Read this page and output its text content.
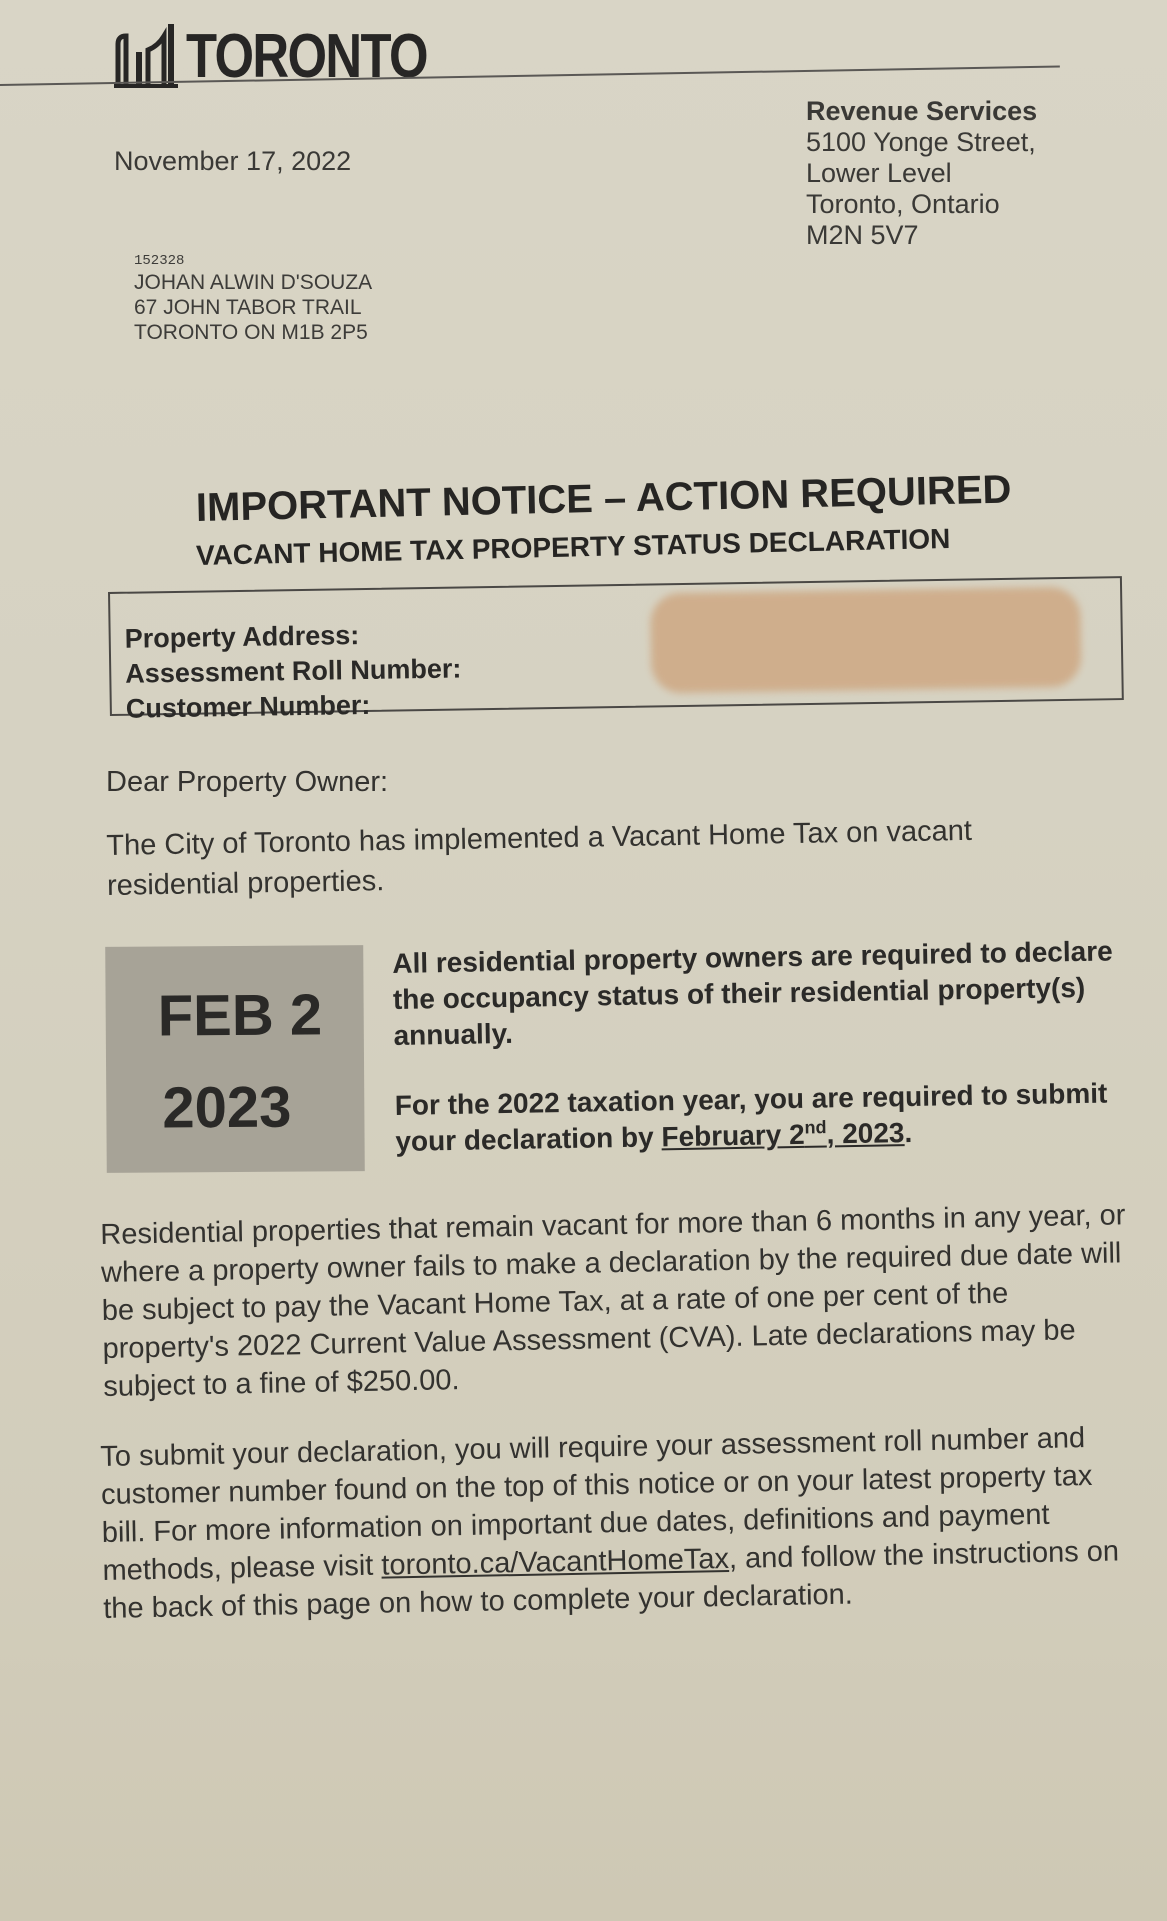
TORONTO
November 17, 2022
Revenue Services
5100 Yonge Street,
Lower Level
Toronto, Ontario
M2N 5V7
152328
JOHAN ALWIN D'SOUZA
67 JOHN TABOR TRAIL
TORONTO ON M1B 2P5
IMPORTANT NOTICE – ACTION REQUIRED
VACANT HOME TAX PROPERTY STATUS DECLARATION
Property Address:
Assessment Roll Number:
Customer Number:
Dear Property Owner:
The City of Toronto has implemented a Vacant Home Tax on vacant residential properties.
FEB 2
2023

All residential property owners are required to declare the occupancy status of their residential property(s) annually.

For the 2022 taxation year, you are required to submit your declaration by February 2nd, 2023.

Residential properties that remain vacant for more than 6 months in any year, or where a property owner fails to make a declaration by the required due date will be subject to pay the Vacant Home Tax, at a rate of one per cent of the property's 2022 Current Value Assessment (CVA). Late declarations may be subject to a fine of $250.00.
To submit your declaration, you will require your assessment roll number and customer number found on the top of this notice or on your latest property tax bill. For more information on important due dates, definitions and payment methods, please visit toronto.ca/VacantHomeTax, and follow the instructions on the back of this page on how to complete your declaration.
